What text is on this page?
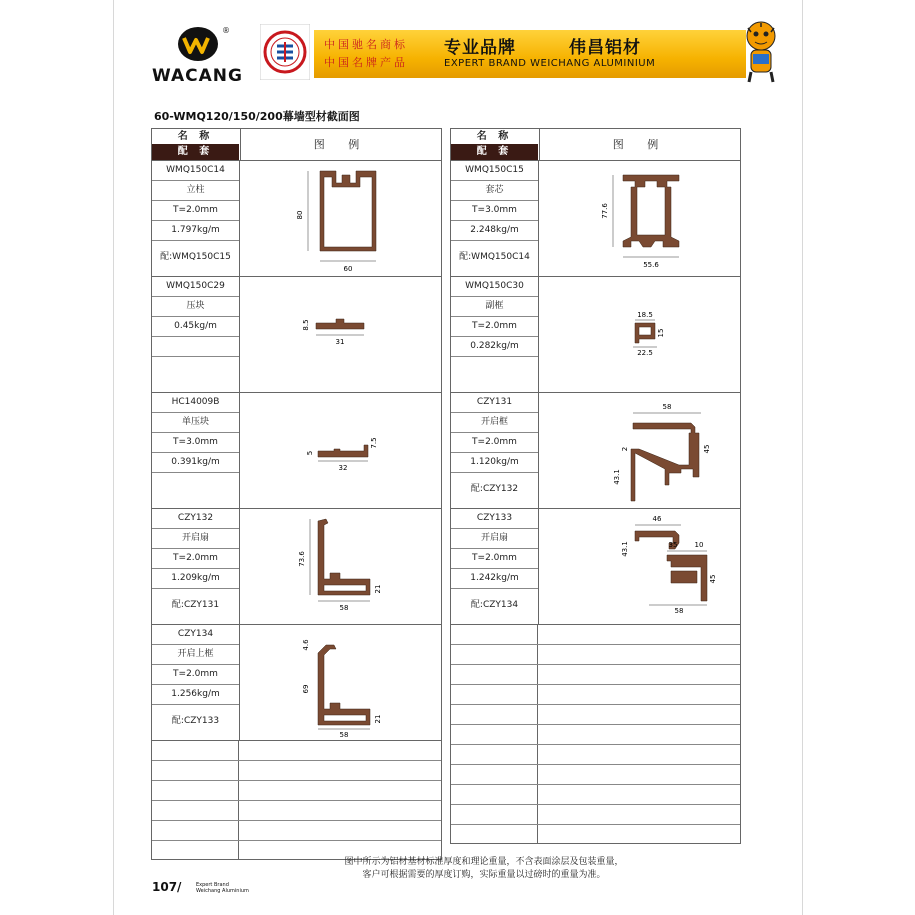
®
WACANG
中国驰名商标
中国名牌产品
专业品牌	伟昌铝材
EXPERT BRAND WEICHANG ALUMINIUM
60-WMQ120/150/200幕墙型材截面图
名 称
配 套
图 例
WMQ150C14
立柱
T=2.0mm
1.797kg/m
配:WMQ150C15
80
60
WMQ150C29
压块
0.45kg/m	8.5
31
HC14009B
单压块
T=3.0mm
0.391kg/m
5
7.5
32
CZY132
开启扇
T=2.0mm
1.209kg/m
配:CZY131
73.6
21
58
CZY134
开启上框
T=2.0mm
1.256kg/m
配:CZY133
4.6
69
21
58
名 称
配 套
图 例
WMQ150C15
套芯
T=3.0mm
2.248kg/m
配:WMQ150C14
77.6
55.6
WMQ150C30
副框
T=2.0mm
0.282kg/m
18.5
15
22.5
CZY131
开启框
T=2.0mm
1.120kg/m
配:CZY132
58
2	45
43.1
CZY133
开启扇
T=2.0mm
1.242kg/m
配:CZY134
46
35 10
43.1
45
58
图中所示为铝材基材标准厚度和理论重量，不含表面涂层及包装重量，
客户可根据需要的厚度订购，实际重量以过磅时的重量为准。
107/	Expert Brand
Weichang Aluminium
